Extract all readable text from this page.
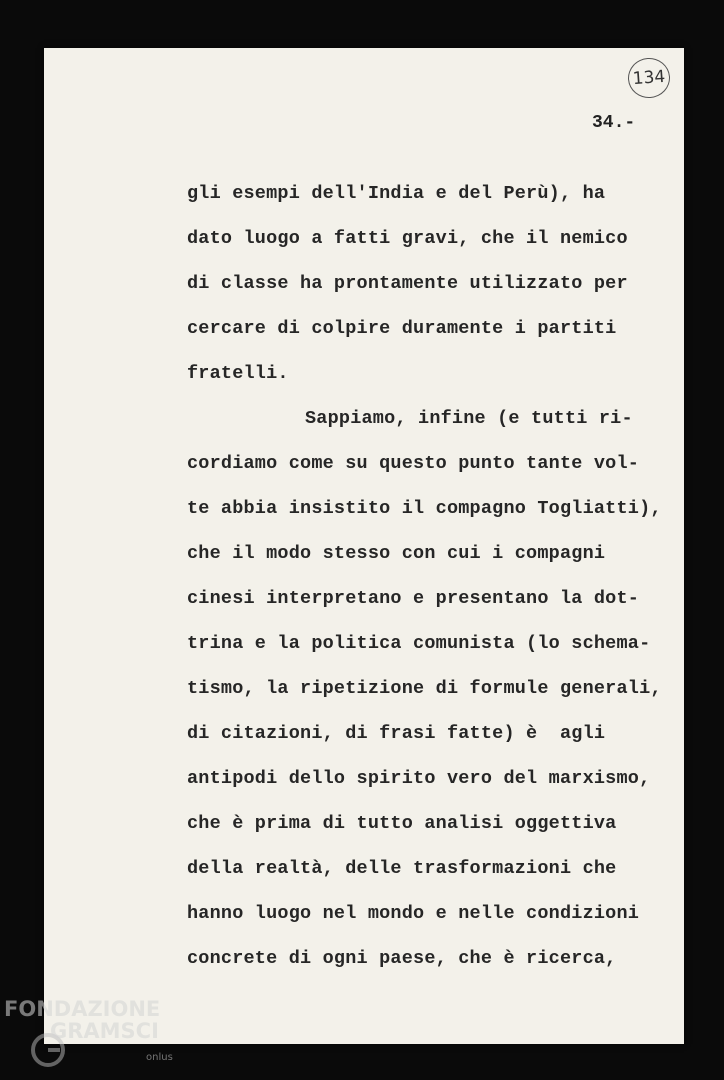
134
34.-
gli esempi dell'India e del Perù), ha
dato luogo a fatti gravi, che il nemico
di classe ha prontamente utilizzato per
cercare di colpire duramente i partiti
fratelli.
Sappiamo, infine (e tutti ri-
cordiamo come su questo punto tante vol-
te abbia insistito il compagno Togliatti),
che il modo stesso con cui i compagni
cinesi interpretano e presentano la dot-
trina e la politica comunista (lo schema-
tismo, la ripetizione di formule generali,
di citazioni, di frasi fatte) è  agli
antipodi dello spirito vero del marxismo,
che è prima di tutto analisi oggettiva
della realtà, delle trasformazioni che
hanno luogo nel mondo e nelle condizioni
concrete di ogni paese, che è ricerca,
FONDAZIONE
GRAMSCI
onlus
